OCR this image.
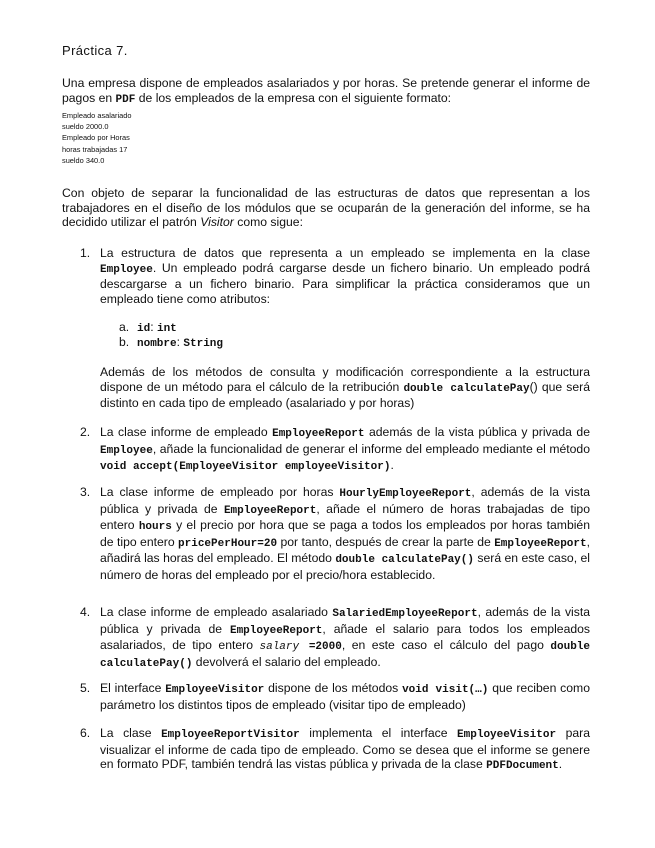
Práctica 7.

Una empresa dispone de empleados asalariados y por horas. Se pretende generar el informe de pagos en PDF de los empleados de la empresa con el siguiente formato:

Empleado asalariado
sueldo 2000.0
Empleado por Horas
horas trabajadas 17
sueldo 340.0

Con objeto de separar la funcionalidad de las estructuras de datos que representan a los trabajadores en el diseño de los módulos que se ocuparán de la generación del informe, se ha decidido utilizar el patrón Visitor como sigue:

1. La estructura de datos que representa a un empleado se implementa en la clase Employee. Un empleado podrá cargarse desde un fichero binario. Un empleado podrá descargarse a un fichero binario. Para simplificar la práctica consideramos que un empleado tiene como atributos:

a. id: int
b. nombre: String

Además de los métodos de consulta y modificación correspondiente a la estructura dispone de un método para el cálculo de la retribución double calculatePay() que será distinto en cada tipo de empleado (asalariado y por horas)

2. La clase informe de empleado EmployeeReport además de la vista pública y privada de Employee, añade la funcionalidad de generar el informe del empleado mediante el método void accept(EmployeeVisitor employeeVisitor).

3. La clase informe de empleado por horas HourlyEmployeeReport, además de la vista pública y privada de EmployeeReport, añade el número de horas trabajadas de tipo entero hours y el precio por hora que se paga a todos los empleados por horas también de tipo entero pricePerHour=20 por tanto, después de crear la parte de EmployeeReport, añadirá las horas del empleado. El método double calculatePay() será en este caso, el número de horas del empleado por el precio/hora establecido.

4. La clase informe de empleado asalariado SalariedEmployeeReport, además de la vista pública y privada de EmployeeReport, añade el salario para todos los empleados asalariados, de tipo entero salary =2000, en este caso el cálculo del pago double calculatePay() devolverá el salario del empleado.

5. El interface EmployeeVisitor dispone de los métodos void visit(…) que reciben como parámetro los distintos tipos de empleado (visitar tipo de empleado)

6. La clase EmployeeReportVisitor implementa el interface EmployeeVisitor para visualizar el informe de cada tipo de empleado. Como se desea que el informe se genere en formato PDF, también tendrá las vistas pública y privada de la clase PDFDocument.
